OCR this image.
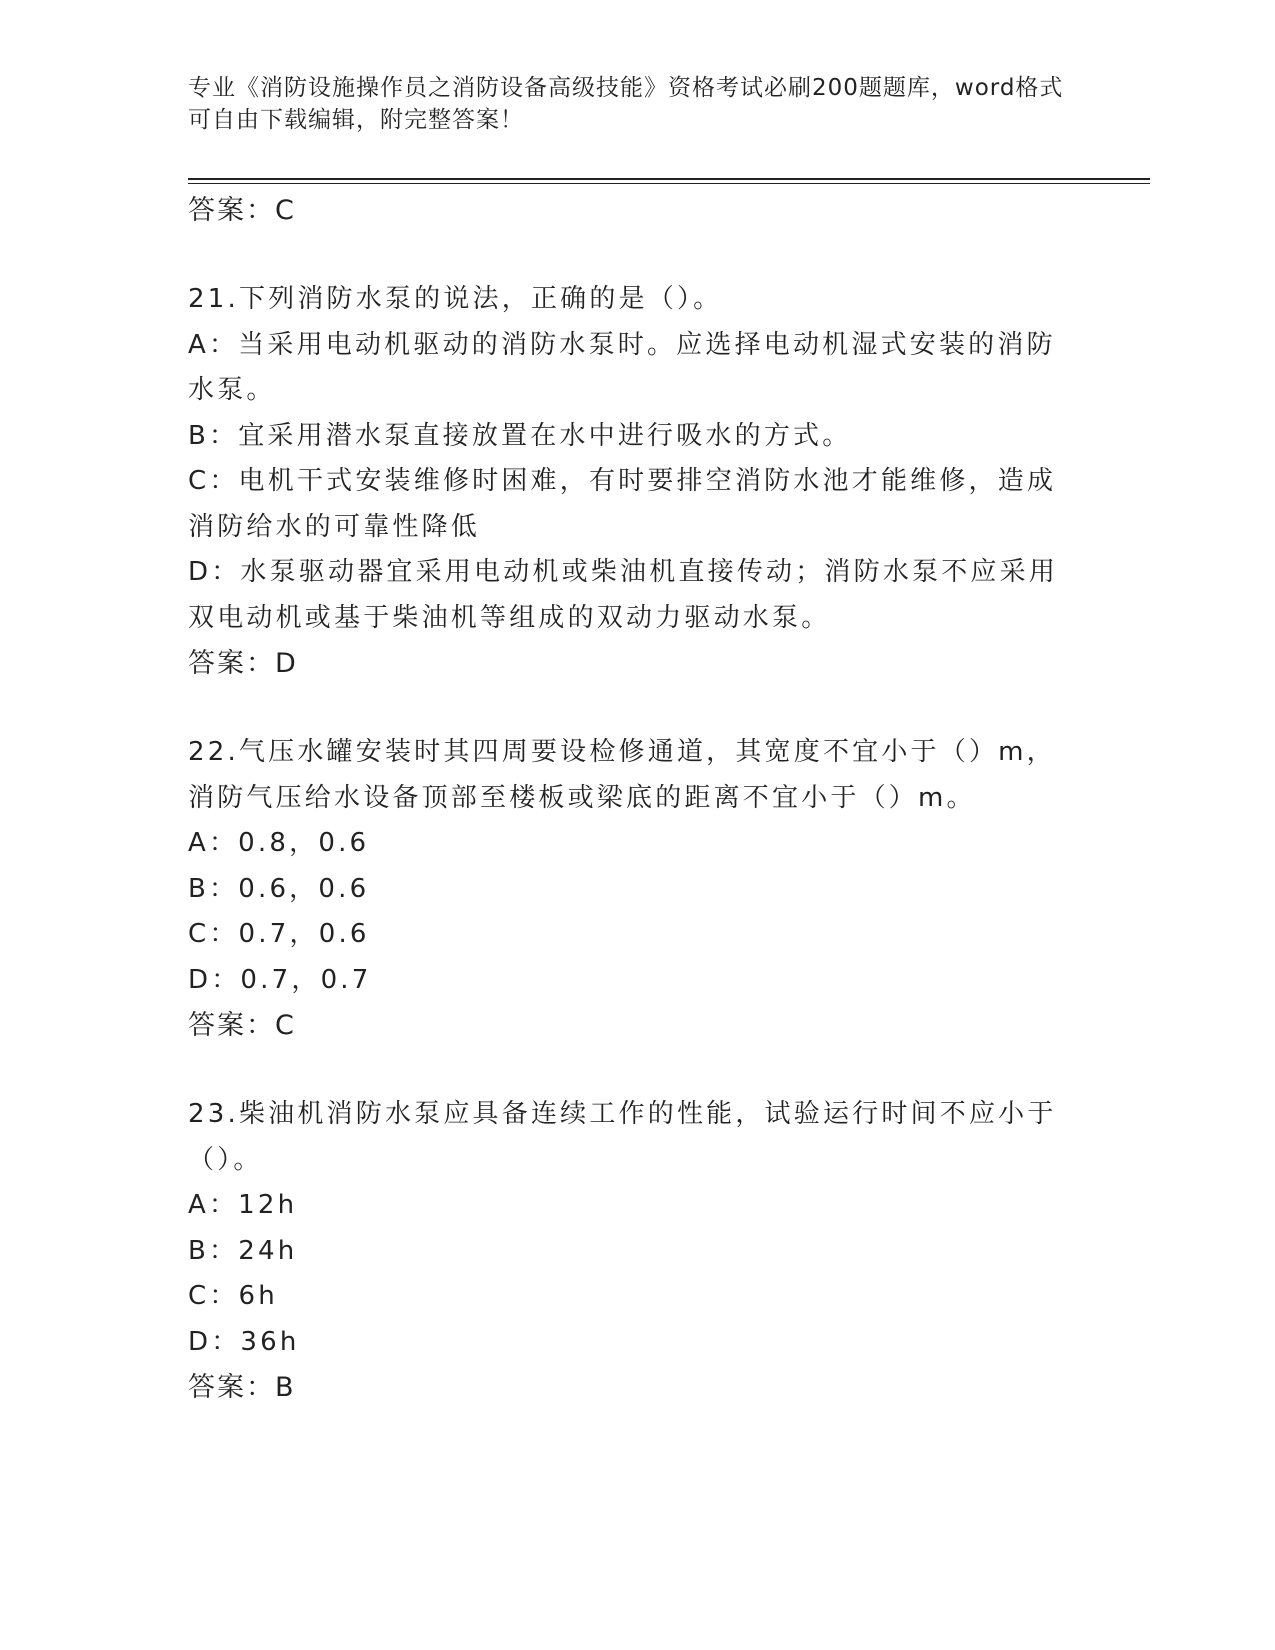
专业《消防设施操作员之消防设备高级技能》资格考试必刷200题题库，word格式可自由下载编辑，附完整答案！

答案：C

21.下列消防水泵的说法，正确的是（）。

A：当采用电动机驱动的消防水泵时。应选择电动机湿式安装的消防水泵。

B：宜采用潜水泵直接放置在水中进行吸水的方式。

C：电机干式安装维修时困难，有时要排空消防水池才能维修，造成消防给水的可靠性降低

D：水泵驱动器宜采用电动机或柴油机直接传动；消防水泵不应采用双电动机或基于柴油机等组成的双动力驱动水泵。

答案：D

22.气压水罐安装时其四周要设检修通道，其宽度不宜小于（）m，消防气压给水设备顶部至楼板或梁底的距离不宜小于（）m。

A：0.8，0.6

B：0.6，0.6

C：0.7，0.6

D：0.7，0.7

答案：C

23.柴油机消防水泵应具备连续工作的性能，试验运行时间不应小于（）。

A：12h

B：24h

C：6h

D：36h

答案：B
